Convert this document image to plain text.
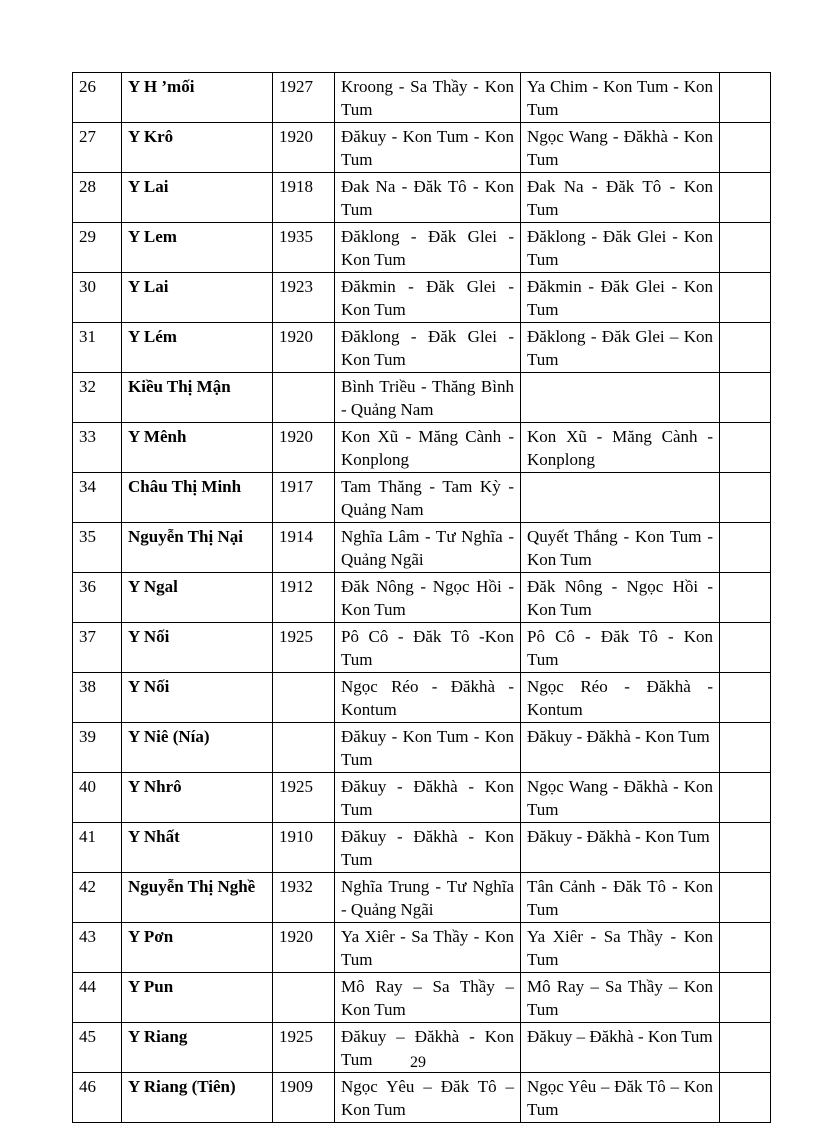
26	Y H ’mối	1927	Kroong - Sa Thầy - Kon Tum	Ya Chim - Kon Tum - Kon Tum	
27	Y Krô	1920	Đăkuy - Kon Tum - Kon Tum	Ngọc Wang - Đăkhà - Kon Tum	
28	Y Lai	1918	Đak Na - Đăk Tô - Kon Tum	Đak Na - Đăk Tô - Kon Tum	
29	Y Lem	1935	Đăklong - Đăk Glei - Kon Tum	Đăklong - Đăk Glei - Kon Tum	
30	Y Lai	1923	Đăkmin - Đăk Glei - Kon Tum	Đăkmin - Đăk Glei - Kon Tum	
31	Y Lém	1920	Đăklong - Đăk Glei - Kon Tum	Đăklong - Đăk Glei – Kon Tum	
32	Kiều Thị Mận		Bình Triều - Thăng Bình - Quảng Nam		
33	Y Mênh	1920	Kon Xũ - Măng Cành - Konplong	Kon Xũ - Măng Cành - Konplong	
34	Châu Thị Minh	1917	Tam Thăng - Tam Kỳ - Quảng Nam		
35	Nguyễn Thị Nại	1914	Nghĩa Lâm - Tư Nghĩa - Quảng Ngãi	Quyết Thắng - Kon Tum - Kon Tum	
36	Y Ngal	1912	Đăk Nông - Ngọc Hồi - Kon Tum	Đăk Nông - Ngọc Hồi - Kon Tum	
37	Y Nối	1925	Pô Cô - Đăk Tô -Kon Tum	Pô Cô - Đăk Tô - Kon Tum	
38	Y Nối		Ngọc Réo - Đăkhà - Kontum	Ngọc Réo - Đăkhà - Kontum	
39	Y Niê (Nía)		Đăkuy - Kon Tum - Kon Tum	Đăkuy - Đăkhà - Kon Tum	
40	Y Nhrô	1925	Đăkuy - Đăkhà - Kon Tum	Ngọc Wang - Đăkhà - Kon Tum	
41	Y Nhất	1910	Đăkuy - Đăkhà - Kon Tum	Đăkuy - Đăkhà - Kon Tum	
42	Nguyễn Thị Nghề	1932	Nghĩa Trung - Tư Nghĩa - Quảng Ngãi	Tân Cảnh - Đăk Tô - Kon Tum	
43	Y Pơn	1920	Ya Xiêr - Sa Thầy - Kon Tum	Ya Xiêr - Sa Thầy - Kon Tum	
44	Y Pun		Mô Ray – Sa Thầy – Kon Tum	Mô Ray – Sa Thầy – Kon Tum	
45	Y Riang	1925	Đăkuy – Đăkhà - Kon Tum	Đăkuy – Đăkhà - Kon Tum	
46	Y Riang (Tiên)	1909	Ngọc Yêu – Đăk Tô – Kon Tum	Ngọc Yêu – Đăk Tô – Kon Tum	
29
